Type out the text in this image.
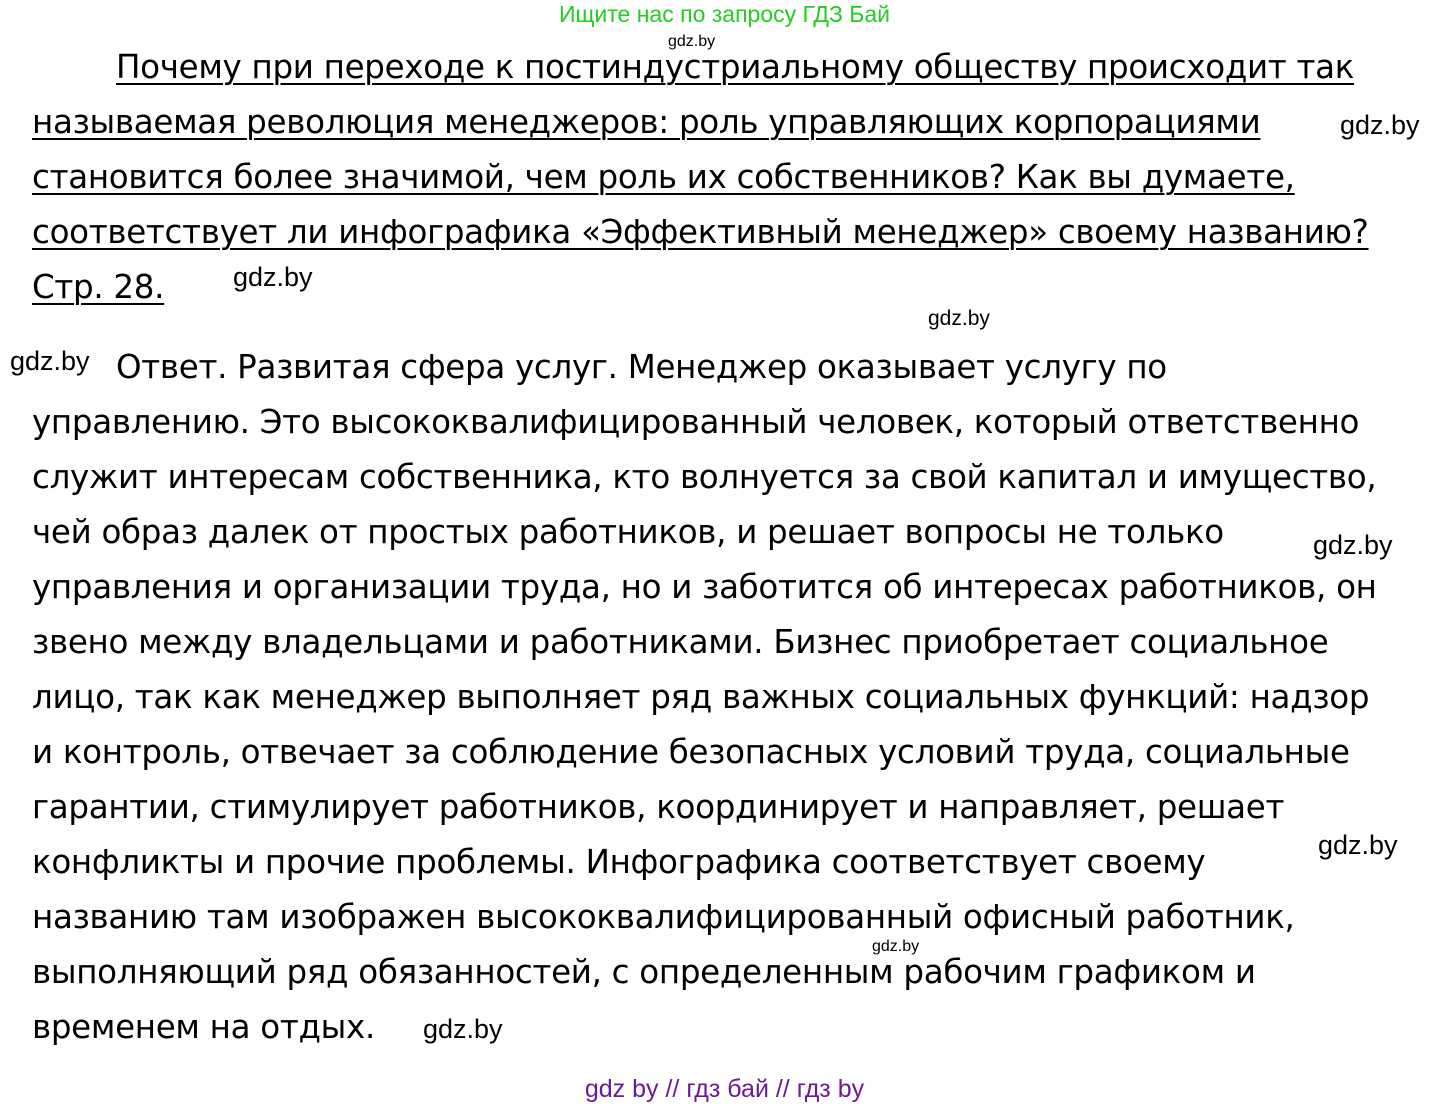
Ищите нас по запросу ГДЗ Бай
gdz.by
gdz.by
gdz.by
gdz.by
gdz.by
gdz.by
gdz.by
gdz.by
gdz.by
Почему при переходе к постиндустриальному обществу происходит так
называемая революция менеджеров: роль управляющих корпорациями
становится более значимой, чем роль их собственников? Как вы думаете,
соответствует ли инфографика «Эффективный менеджер» своему названию?
Стр. 28.
Ответ. Развитая сфера услуг. Менеджер оказывает услугу по
управлению. Это высококвалифицированный человек, который ответственно
служит интересам собственника, кто волнуется за свой капитал и имущество,
чей образ далек от простых работников, и решает вопросы не только
управления и организации труда, но и заботится об интересах работников, он
звено между владельцами и работниками. Бизнес приобретает социальное
лицо, так как менеджер выполняет ряд важных социальных функций: надзор
и контроль, отвечает за соблюдение безопасных условий труда, социальные
гарантии, стимулирует работников, координирует и направляет, решает
конфликты и прочие проблемы. Инфографика соответствует своему
названию там изображен высококвалифицированный офисный работник,
выполняющий ряд обязанностей, с определенным рабочим графиком и
временем на отдых.
gdz by // гдз бай // гдз by
